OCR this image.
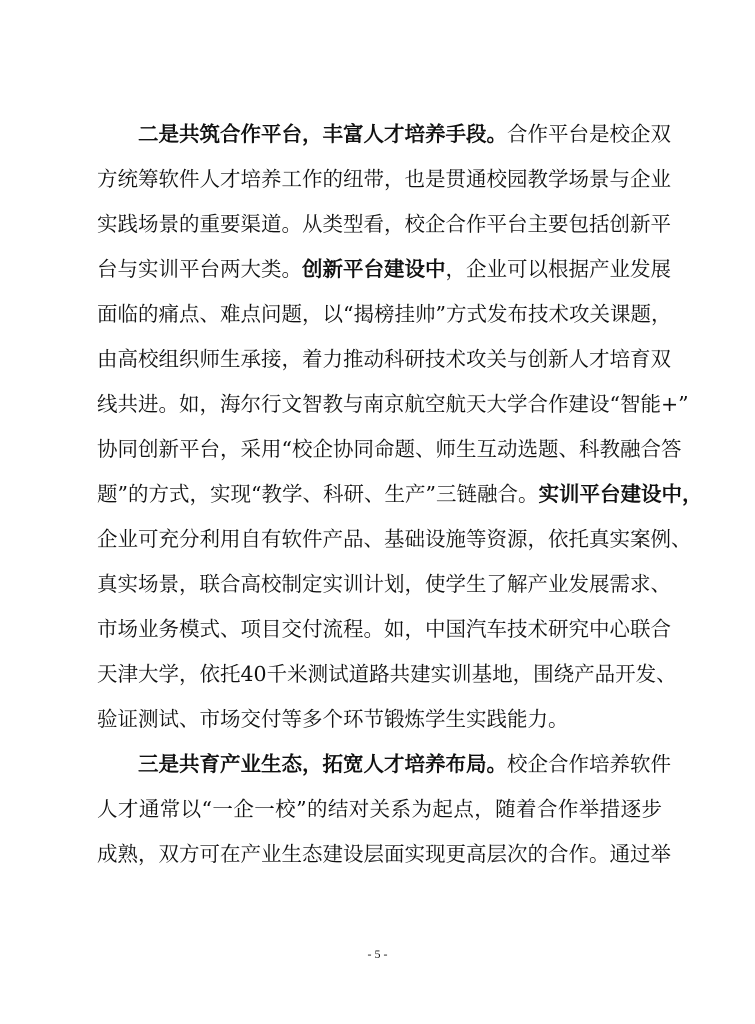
二是共筑合作平台，丰富人才培养手段。合作平台是校企双
方统筹软件人才培养工作的纽带，也是贯通校园教学场景与企业
实践场景的重要渠道。从类型看，校企合作平台主要包括创新平
台与实训平台两大类。创新平台建设中，企业可以根据产业发展
面临的痛点、难点问题，以“揭榜挂帅”方式发布技术攻关课题，
由高校组织师生承接，着力推动科研技术攻关与创新人才培育双
线共进。如，海尔行文智教与南京航空航天大学合作建设“智能+”
协同创新平台，采用“校企协同命题、师生互动选题、科教融合答
题”的方式，实现“教学、科研、生产”三链融合。实训平台建设中，
企业可充分利用自有软件产品、基础设施等资源，依托真实案例、
真实场景，联合高校制定实训计划，使学生了解产业发展需求、
市场业务模式、项目交付流程。如，中国汽车技术研究中心联合
天津大学，依托40千米测试道路共建实训基地，围绕产品开发、
验证测试、市场交付等多个环节锻炼学生实践能力。
三是共育产业生态，拓宽人才培养布局。校企合作培养软件
人才通常以“一企一校”的结对关系为起点，随着合作举措逐步
成熟，双方可在产业生态建设层面实现更高层次的合作。通过举
- 5 -
